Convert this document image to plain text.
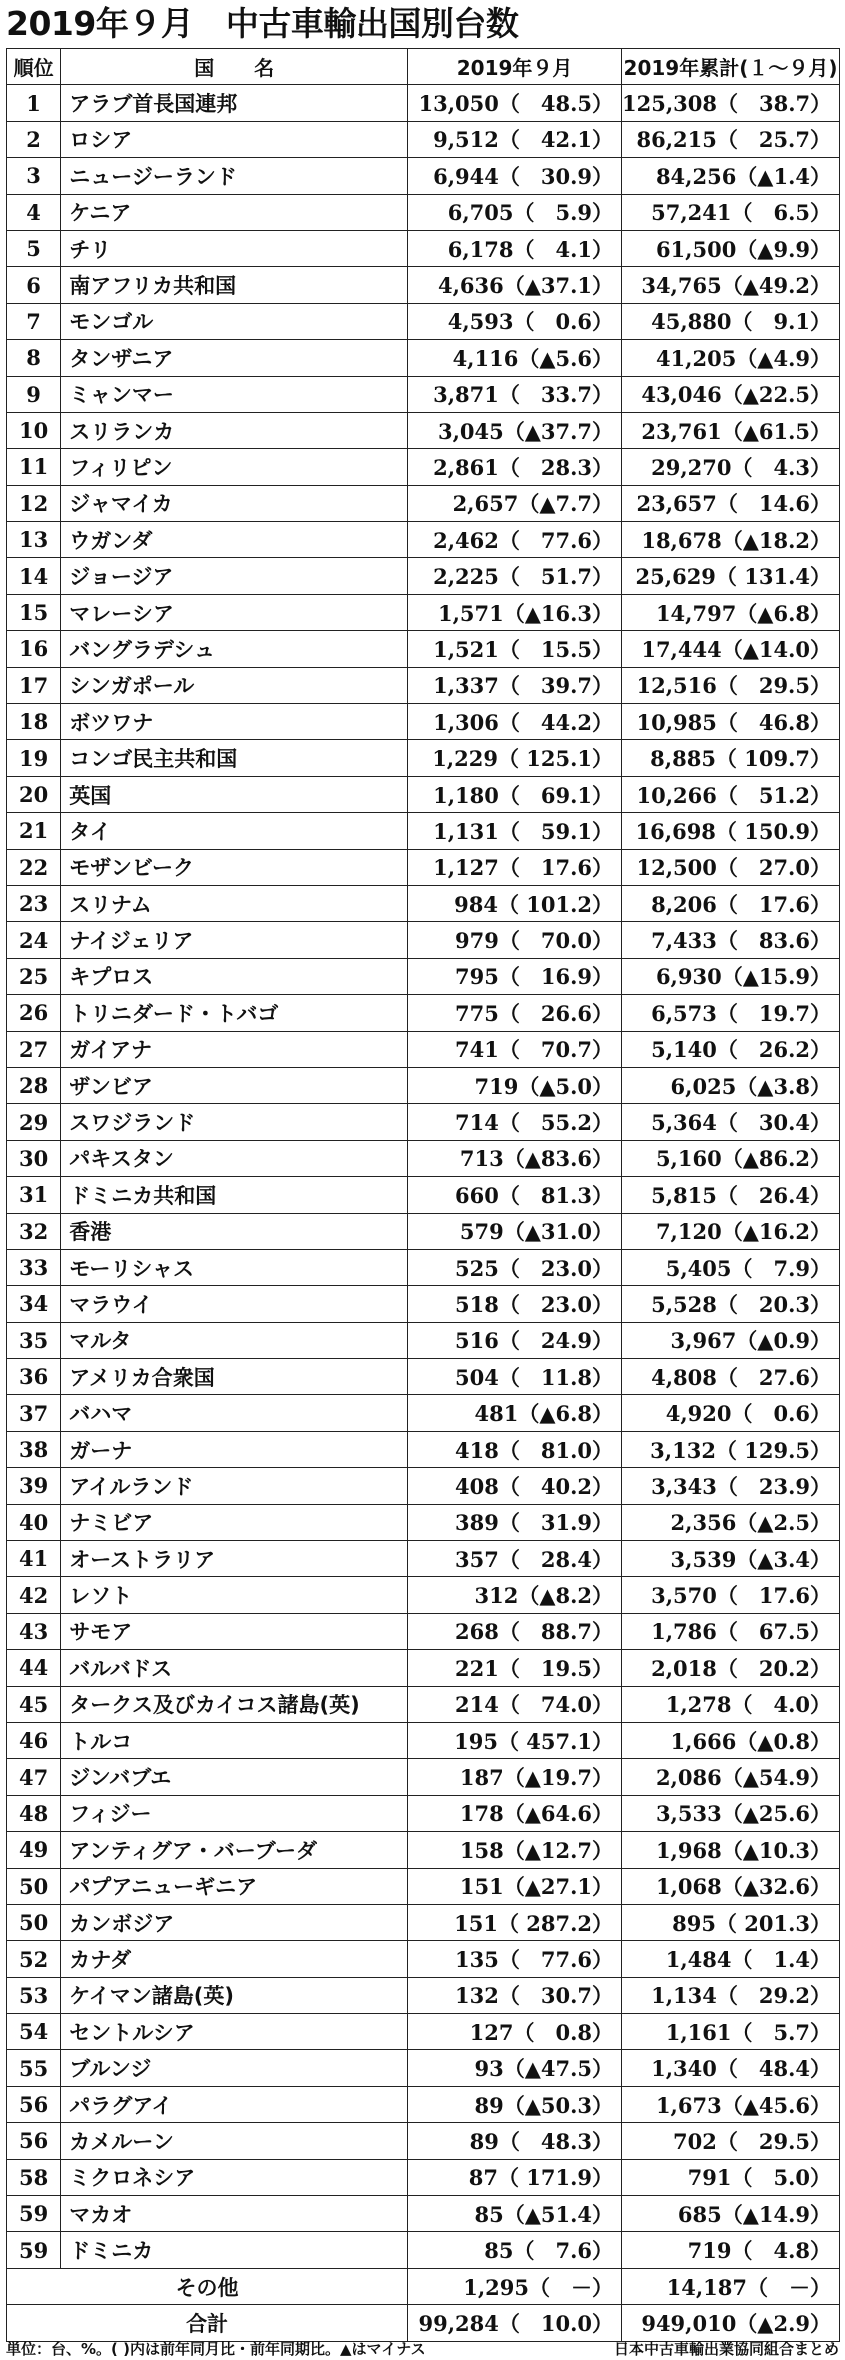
2019年９月　中古車輸出国別台数
順位	国　　名	2019年９月	2019年累計(１～９月)
1	アラブ首長国連邦	13,050（　48.5）	125,308（　38.7）
2	ロシア	9,512（　42.1）	86,215（　25.7）
3	ニュージーランド	6,944（　30.9）	84,256（▲1.4）
4	ケニア	6,705（　5.9）	57,241（　6.5）
5	チリ	6,178（　4.1）	61,500（▲9.9）
6	南アフリカ共和国	4,636（▲37.1）	34,765（▲49.2）
7	モンゴル	4,593（　0.6）	45,880（　9.1）
8	タンザニア	4,116（▲5.6）	41,205（▲4.9）
9	ミャンマー	3,871（　33.7）	43,046（▲22.5）
10	スリランカ	3,045（▲37.7）	23,761（▲61.5）
11	フィリピン	2,861（　28.3）	29,270（　4.3）
12	ジャマイカ	2,657（▲7.7）	23,657（　14.6）
13	ウガンダ	2,462（　77.6）	18,678（▲18.2）
14	ジョージア	2,225（　51.7）	25,629（ 131.4）
15	マレーシア	1,571（▲16.3）	14,797（▲6.8）
16	バングラデシュ	1,521（　15.5）	17,444（▲14.0）
17	シンガポール	1,337（　39.7）	12,516（　29.5）
18	ボツワナ	1,306（　44.2）	10,985（　46.8）
19	コンゴ民主共和国	1,229（ 125.1）	8,885（ 109.7）
20	英国	1,180（　69.1）	10,266（　51.2）
21	タイ	1,131（　59.1）	16,698（ 150.9）
22	モザンビーク	1,127（　17.6）	12,500（　27.0）
23	スリナム	984（ 101.2）	8,206（　17.6）
24	ナイジェリア	979（　70.0）	7,433（　83.6）
25	キプロス	795（　16.9）	6,930（▲15.9）
26	トリニダード・トバゴ	775（　26.6）	6,573（　19.7）
27	ガイアナ	741（　70.7）	5,140（　26.2）
28	ザンビア	719（▲5.0）	6,025（▲3.8）
29	スワジランド	714（　55.2）	5,364（　30.4）
30	パキスタン	713（▲83.6）	5,160（▲86.2）
31	ドミニカ共和国	660（　81.3）	5,815（　26.4）
32	香港	579（▲31.0）	7,120（▲16.2）
33	モーリシャス	525（　23.0）	5,405（　7.9）
34	マラウイ	518（　23.0）	5,528（　20.3）
35	マルタ	516（　24.9）	3,967（▲0.9）
36	アメリカ合衆国	504（　11.8）	4,808（　27.6）
37	バハマ	481（▲6.8）	4,920（　0.6）
38	ガーナ	418（　81.0）	3,132（ 129.5）
39	アイルランド	408（　40.2）	3,343（　23.9）
40	ナミビア	389（　31.9）	2,356（▲2.5）
41	オーストラリア	357（　28.4）	3,539（▲3.4）
42	レソト	312（▲8.2）	3,570（　17.6）
43	サモア	268（　88.7）	1,786（　67.5）
44	バルバドス	221（　19.5）	2,018（　20.2）
45	タークス及びカイコス諸島(英)	214（　74.0）	1,278（　4.0）
46	トルコ	195（ 457.1）	1,666（▲0.8）
47	ジンバブエ	187（▲19.7）	2,086（▲54.9）
48	フィジー	178（▲64.6）	3,533（▲25.6）
49	アンティグア・バーブーダ	158（▲12.7）	1,968（▲10.3）
50	パプアニューギニア	151（▲27.1）	1,068（▲32.6）
50	カンボジア	151（ 287.2）	895（ 201.3）
52	カナダ	135（　77.6）	1,484（　1.4）
53	ケイマン諸島(英)	132（　30.7）	1,134（　29.2）
54	セントルシア	127（　0.8）	1,161（　5.7）
55	ブルンジ	93（▲47.5）	1,340（　48.4）
56	パラグアイ	89（▲50.3）	1,673（▲45.6）
56	カメルーン	89（　48.3）	702（　29.5）
58	ミクロネシア	87（ 171.9）	791（　5.0）
59	マカオ	85（▲51.4）	685（▲14.9）
59	ドミニカ	85（　7.6）	719（　4.8）
その他		1,295（　－）	14,187（　－）
合計		99,284（　10.0）	949,010（▲2.9）
単位：台、%。( )内は前年同月比・前年同期比。▲はマイナス	日本中古車輸出業協同組合まとめ
